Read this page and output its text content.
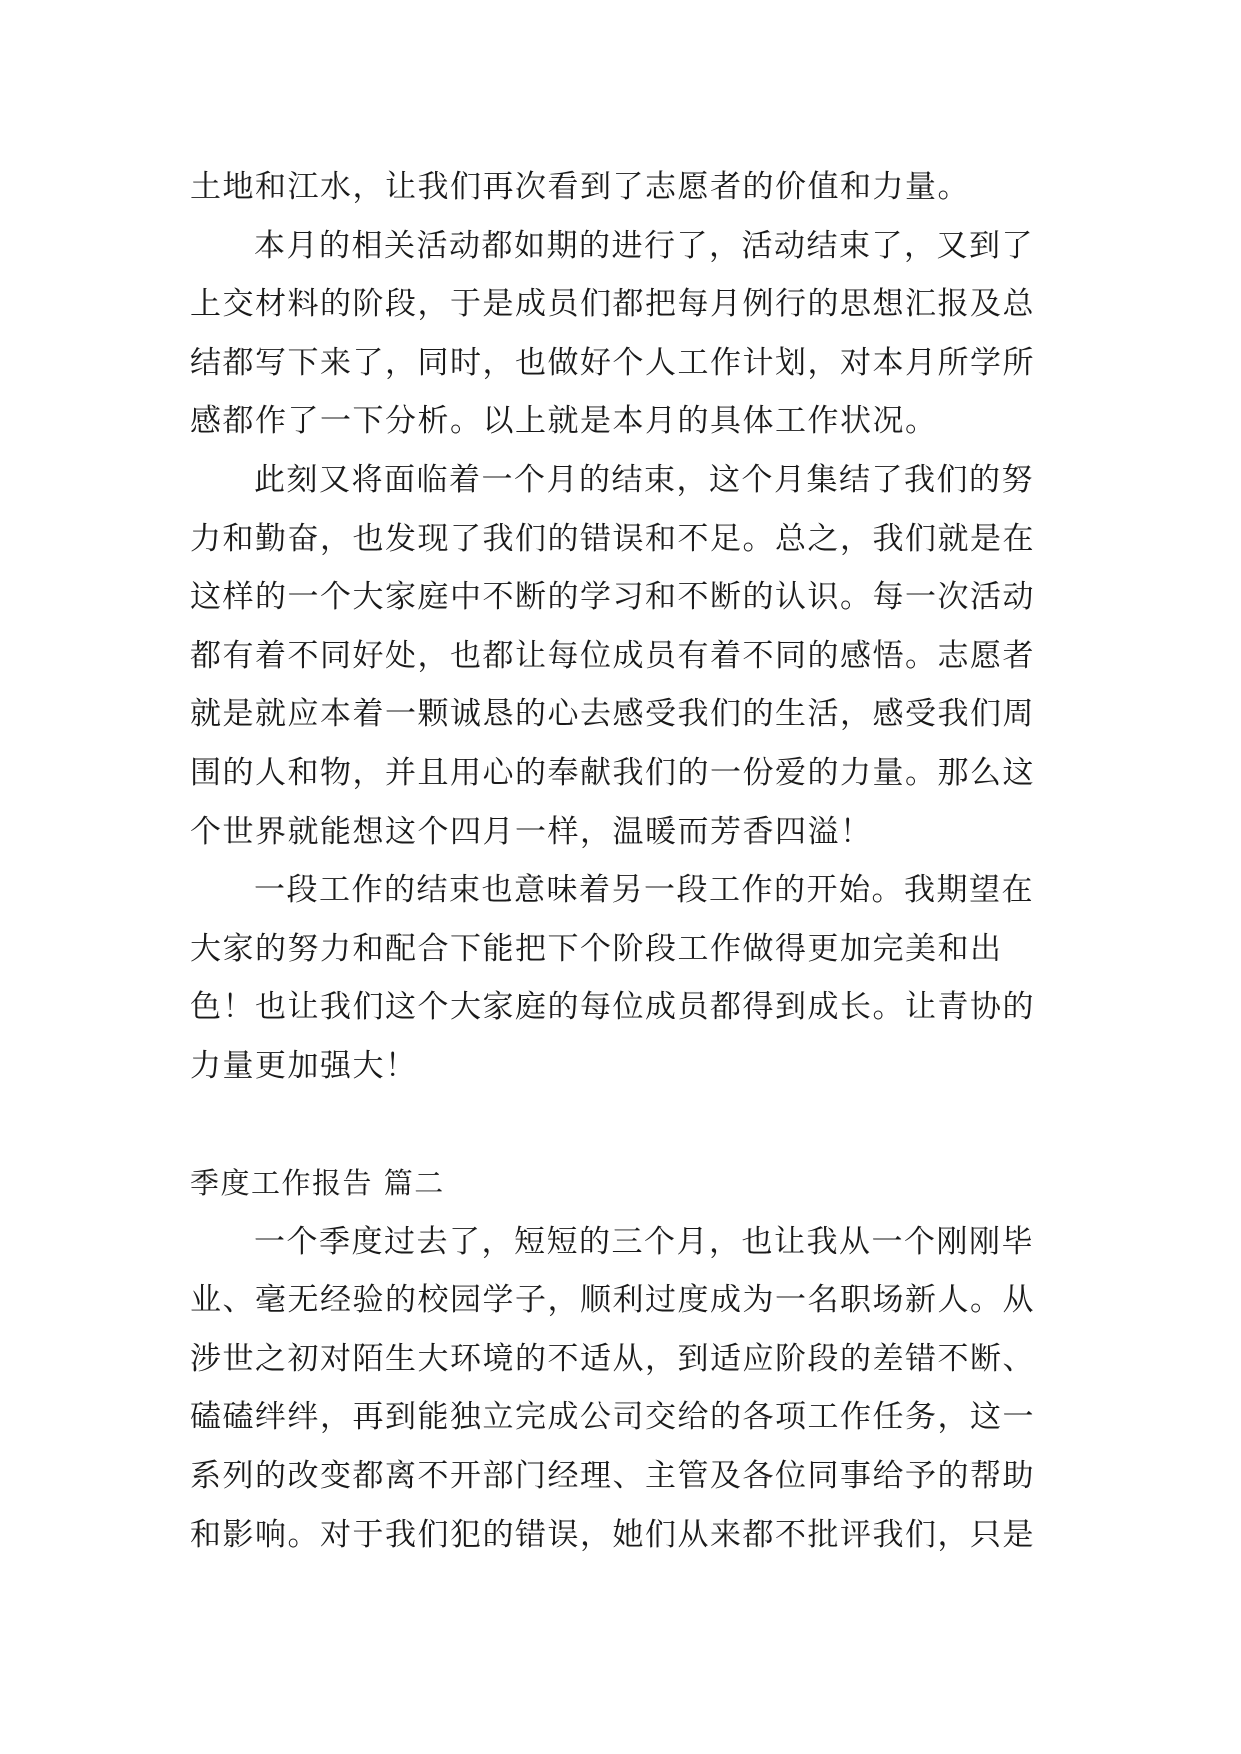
土地和江水，让我们再次看到了志愿者的价值和力量。
本月的相关活动都如期的进行了，活动结束了，又到了
上交材料的阶段，于是成员们都把每月例行的思想汇报及总
结都写下来了，同时，也做好个人工作计划，对本月所学所
感都作了一下分析。以上就是本月的具体工作状况。
此刻又将面临着一个月的结束，这个月集结了我们的努
力和勤奋，也发现了我们的错误和不足。总之，我们就是在
这样的一个大家庭中不断的学习和不断的认识。每一次活动
都有着不同好处，也都让每位成员有着不同的感悟。志愿者
就是就应本着一颗诚恳的心去感受我们的生活，感受我们周
围的人和物，并且用心的奉献我们的一份爱的力量。那么这
个世界就能想这个四月一样，温暖而芳香四溢！
一段工作的结束也意味着另一段工作的开始。我期望在
大家的努力和配合下能把下个阶段工作做得更加完美和出
色！也让我们这个大家庭的每位成员都得到成长。让青协的
力量更加强大！
季度工作报告 篇二
一个季度过去了，短短的三个月，也让我从一个刚刚毕
业、毫无经验的校园学子，顺利过度成为一名职场新人。从
涉世之初对陌生大环境的不适从，到适应阶段的差错不断、
磕磕绊绊，再到能独立完成公司交给的各项工作任务，这一
系列的改变都离不开部门经理、主管及各位同事给予的帮助
和影响。对于我们犯的错误，她们从来都不批评我们，只是
